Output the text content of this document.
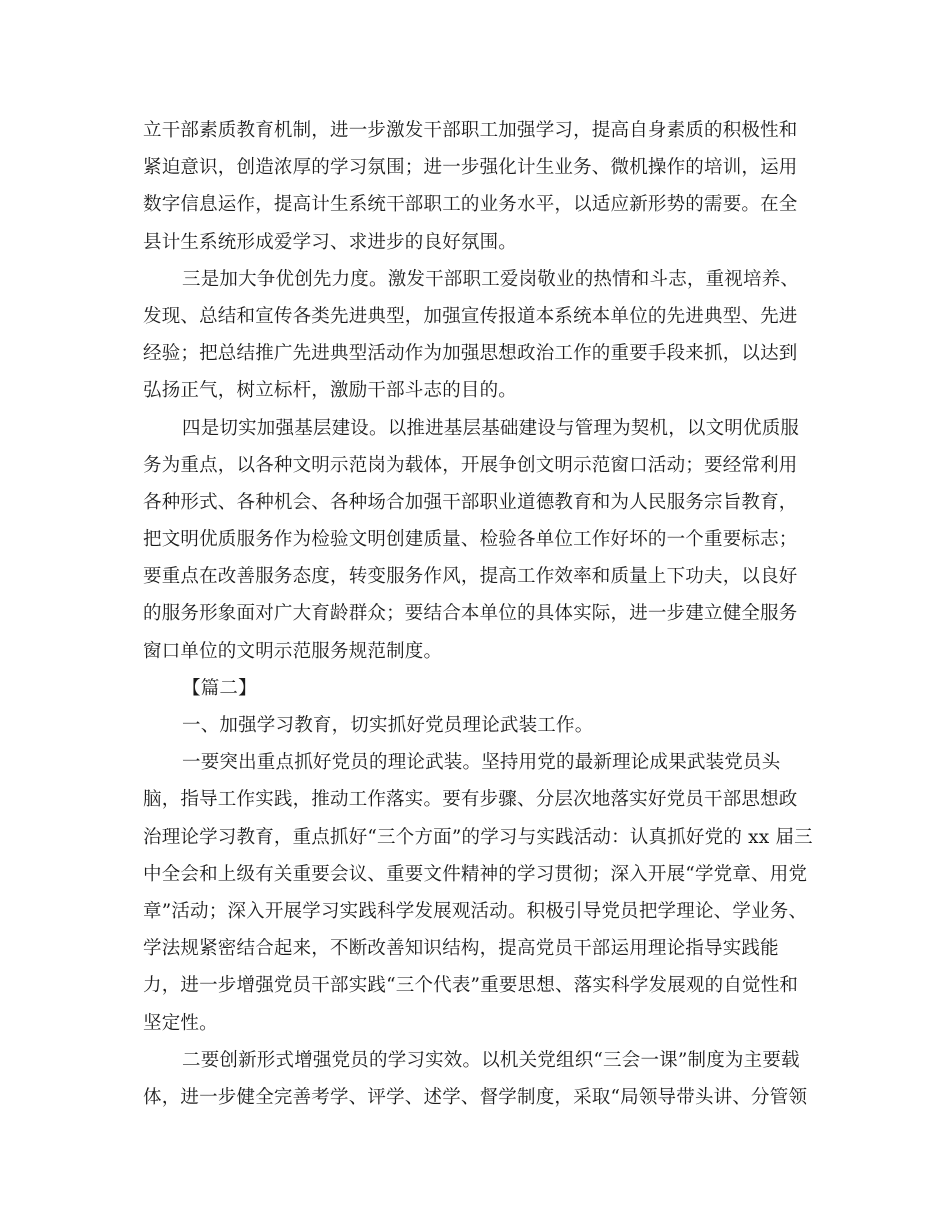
立干部素质教育机制，进一步激发干部职工加强学习，提高自身素质的积极性和
紧迫意识，创造浓厚的学习氛围；进一步强化计生业务、微机操作的培训，运用
数字信息运作，提高计生系统干部职工的业务水平，以适应新形势的需要。在全
县计生系统形成爱学习、求进步的良好氛围。
三是加大争优创先力度。激发干部职工爱岗敬业的热情和斗志，重视培养、
发现、总结和宣传各类先进典型，加强宣传报道本系统本单位的先进典型、先进
经验；把总结推广先进典型活动作为加强思想政治工作的重要手段来抓，以达到
弘扬正气，树立标杆，激励干部斗志的目的。
四是切实加强基层建设。以推进基层基础建设与管理为契机，以文明优质服
务为重点，以各种文明示范岗为载体，开展争创文明示范窗口活动；要经常利用
各种形式、各种机会、各种场合加强干部职业道德教育和为人民服务宗旨教育，
把文明优质服务作为检验文明创建质量、检验各单位工作好坏的一个重要标志；
要重点在改善服务态度，转变服务作风，提高工作效率和质量上下功夫，以良好
的服务形象面对广大育龄群众；要结合本单位的具体实际，进一步建立健全服务
窗口单位的文明示范服务规范制度。
【篇二】
一、加强学习教育，切实抓好党员理论武装工作。
一要突出重点抓好党员的理论武装。坚持用党的最新理论成果武装党员头
脑，指导工作实践，推动工作落实。要有步骤、分层次地落实好党员干部思想政
治理论学习教育，重点抓好“三个方面”的学习与实践活动：认真抓好党的 xx 届三
中全会和上级有关重要会议、重要文件精神的学习贯彻；深入开展“学党章、用党
章”活动；深入开展学习实践科学发展观活动。积极引导党员把学理论、学业务、
学法规紧密结合起来，不断改善知识结构，提高党员干部运用理论指导实践能
力，进一步增强党员干部实践“三个代表”重要思想、落实科学发展观的自觉性和
坚定性。
二要创新形式增强党员的学习实效。以机关党组织“三会一课”制度为主要载
体，进一步健全完善考学、评学、述学、督学制度，采取“局领导带头讲、分管领
